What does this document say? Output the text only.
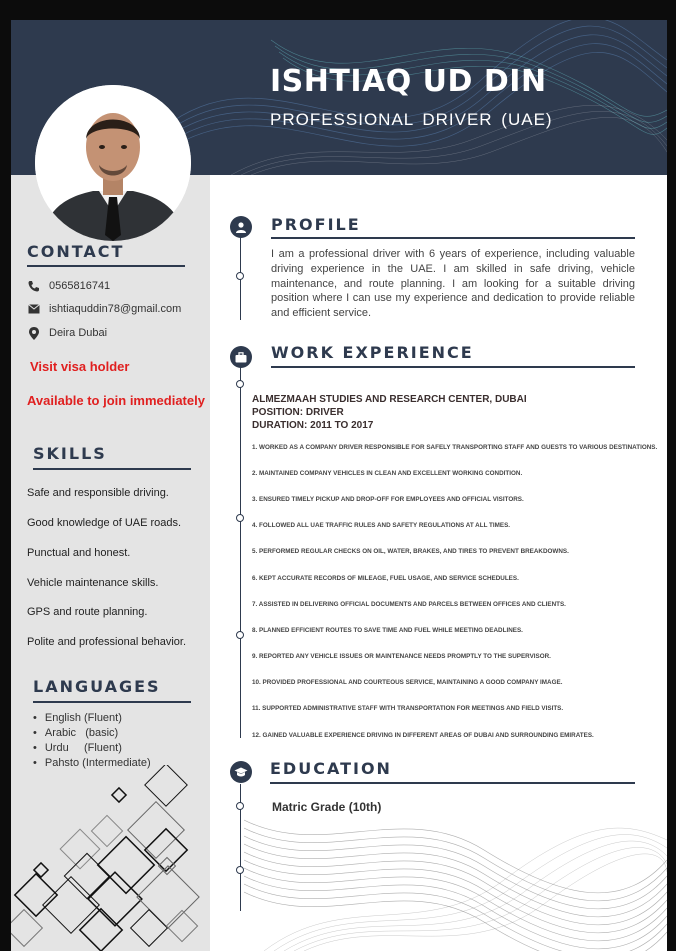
ISHTIAQ UD DIN
PROFESSIONAL DRIVER (UAE)
CONTACT
0565816741
ishtiaquddin78@gmail.com
Deira Dubai
Visit visa holder
Available to join immediately
SKILLS
Safe and responsible driving.
Good knowledge of UAE roads.
Punctual and honest.
Vehicle maintenance skills.
GPS and route planning.
Polite and professional behavior.
LANGUAGES
• English (Fluent)
• Arabic   (basic)
• Urdu     (Fluent)
• Pahsto (Intermediate)
PROFILE
I am a professional driver with 6 years of experience, including valuable driving experience in the UAE. I am skilled in safe driving, vehicle maintenance, and route planning. I am looking for a suitable driving position where I can use my experience and dedication to provide reliable and efficient service.
WORK EXPERIENCE
ALMEZMAAH STUDIES AND RESEARCH CENTER, DUBAI
POSITION: DRIVER
DURATION: 2011 TO 2017
1. WORKED AS A COMPANY DRIVER RESPONSIBLE FOR SAFELY TRANSPORTING STAFF AND GUESTS TO VARIOUS DESTINATIONS.
2. MAINTAINED COMPANY VEHICLES IN CLEAN AND EXCELLENT WORKING CONDITION.
3. ENSURED TIMELY PICKUP AND DROP-OFF FOR EMPLOYEES AND OFFICIAL VISITORS.
4. FOLLOWED ALL UAE TRAFFIC RULES AND SAFETY REGULATIONS AT ALL TIMES.
5. PERFORMED REGULAR CHECKS ON OIL, WATER, BRAKES, AND TIRES TO PREVENT BREAKDOWNS.
6. KEPT ACCURATE RECORDS OF MILEAGE, FUEL USAGE, AND SERVICE SCHEDULES.
7. ASSISTED IN DELIVERING OFFICIAL DOCUMENTS AND PARCELS BETWEEN OFFICES AND CLIENTS.
8. PLANNED EFFICIENT ROUTES TO SAVE TIME AND FUEL WHILE MEETING DEADLINES.
9. REPORTED ANY VEHICLE ISSUES OR MAINTENANCE NEEDS PROMPTLY TO THE SUPERVISOR.
10. PROVIDED PROFESSIONAL AND COURTEOUS SERVICE, MAINTAINING A GOOD COMPANY IMAGE.
11. SUPPORTED ADMINISTRATIVE STAFF WITH TRANSPORTATION FOR MEETINGS AND FIELD VISITS.
12. GAINED VALUABLE EXPERIENCE DRIVING IN DIFFERENT AREAS OF DUBAI AND SURROUNDING EMIRATES.
EDUCATION
Matric Grade (10th)
